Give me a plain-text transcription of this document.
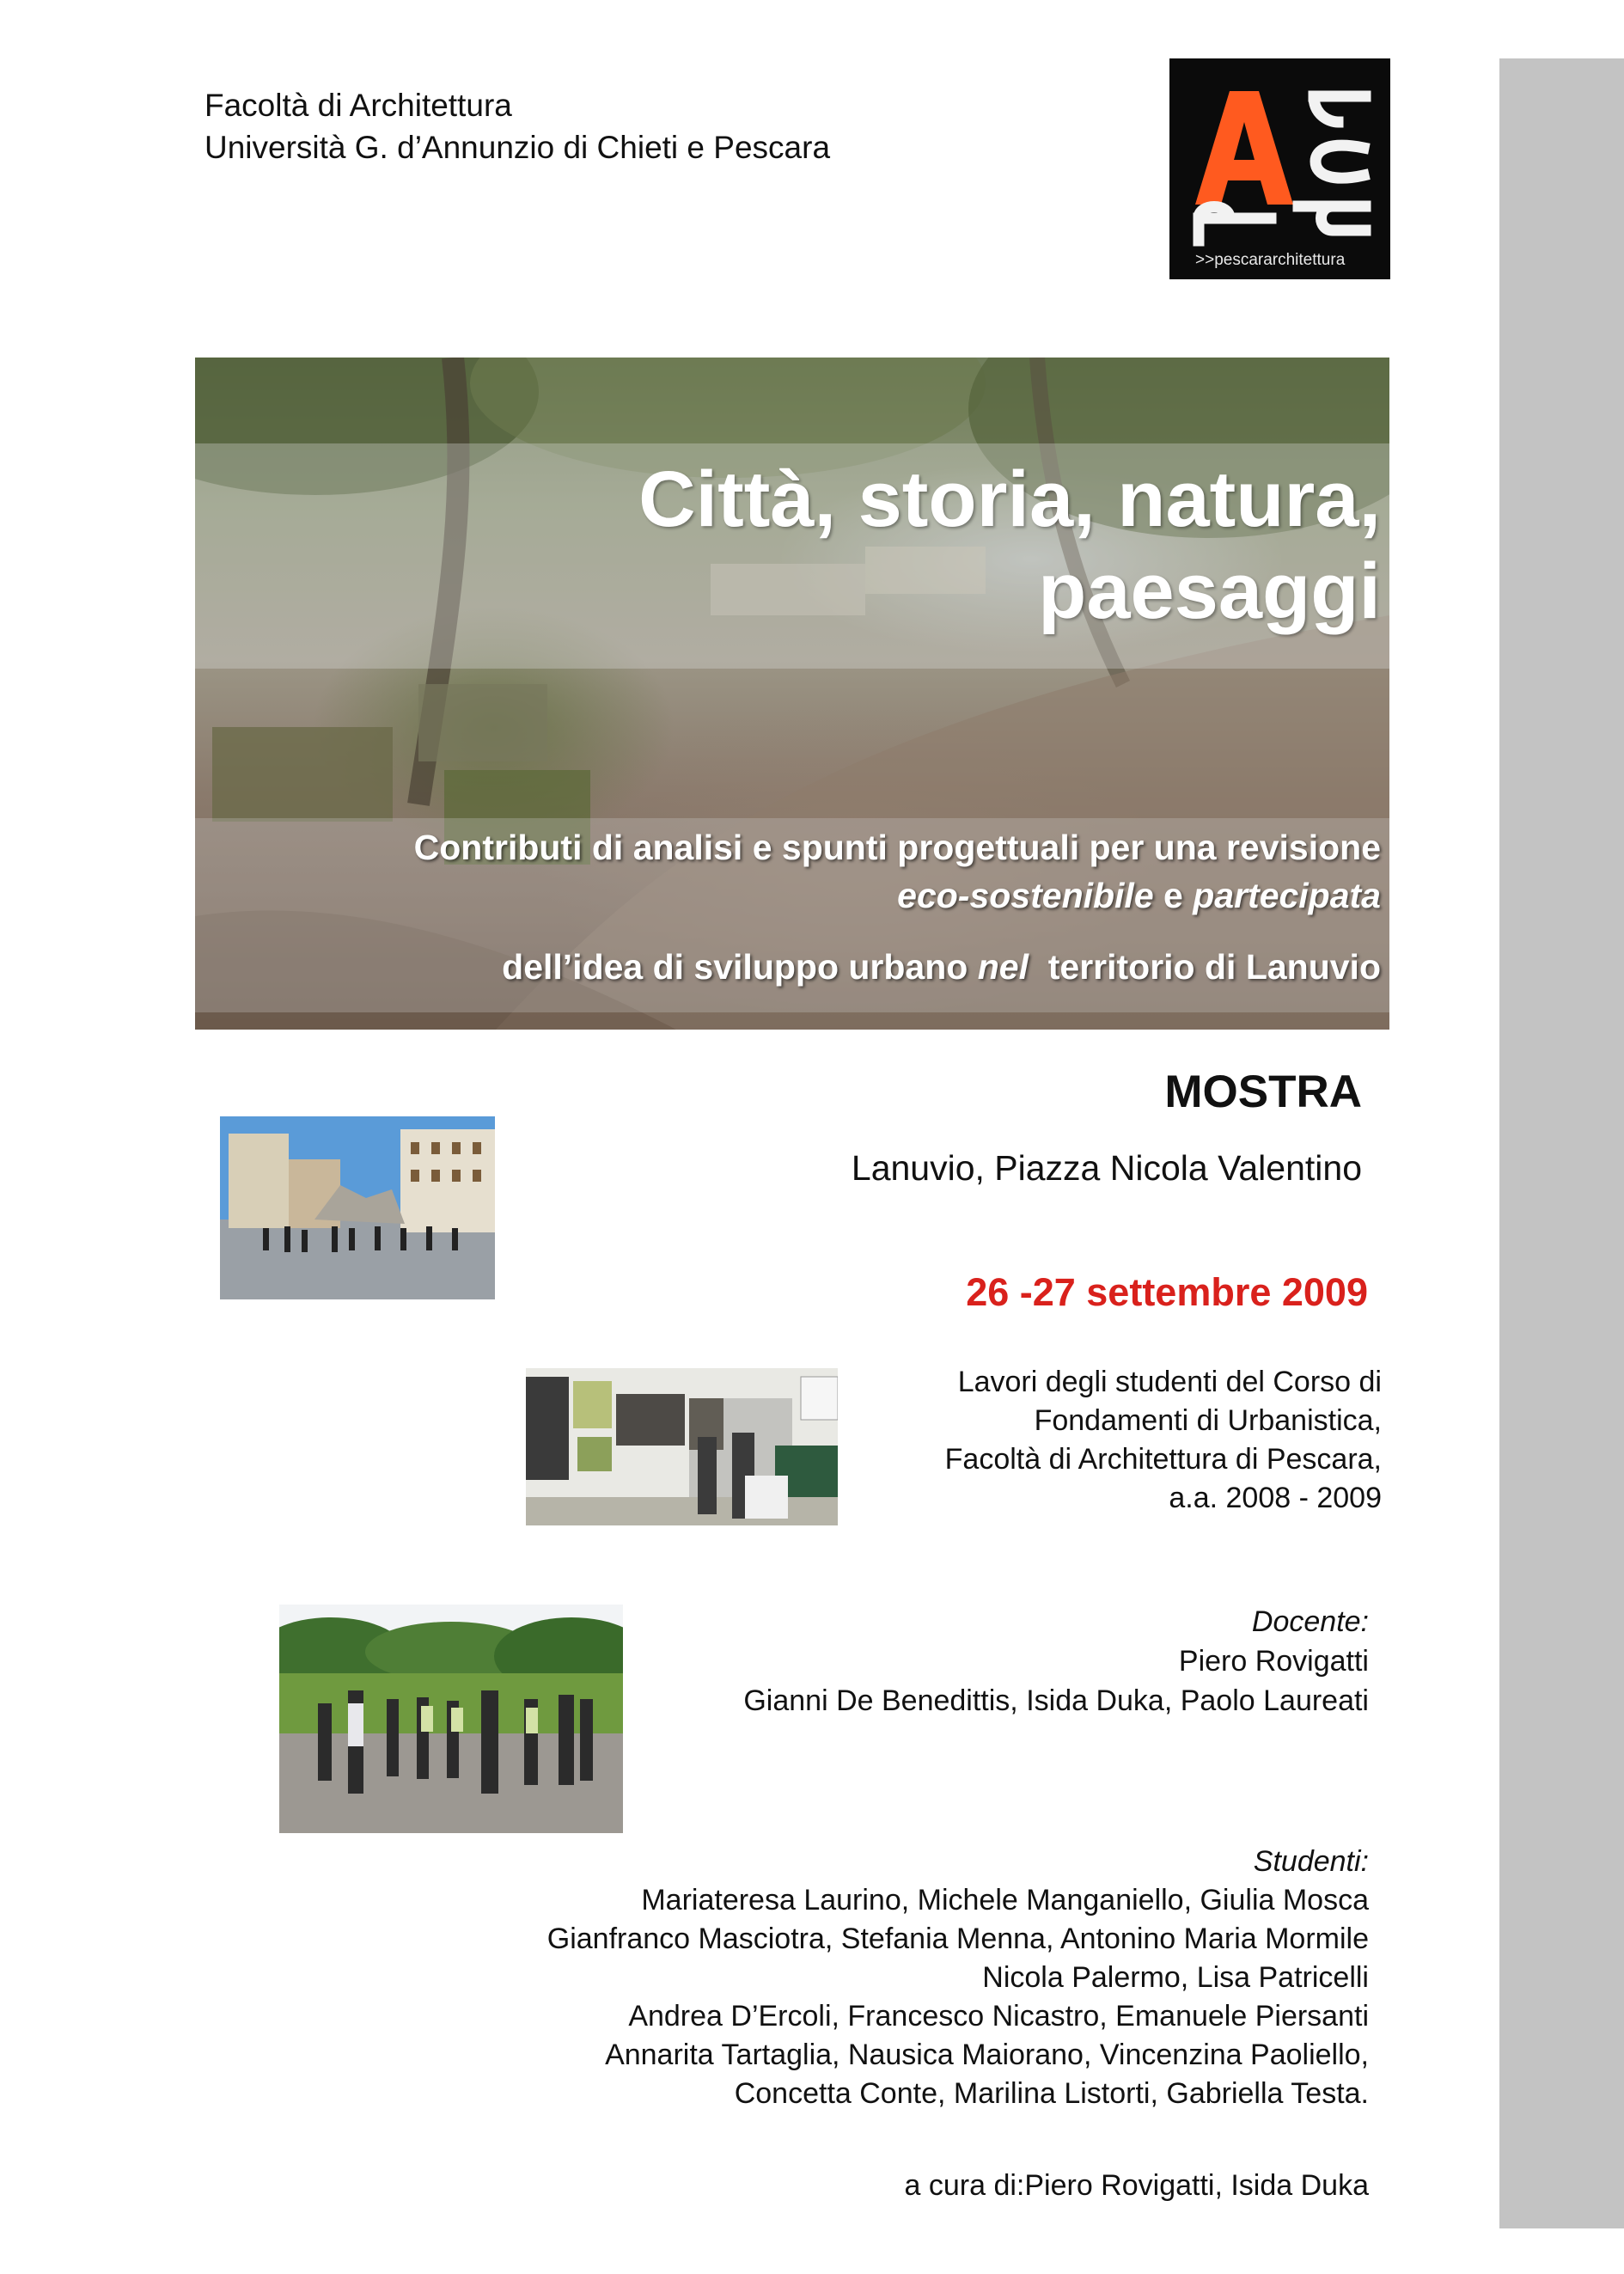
Facoltà di Architettura
Università G. d’Annunzio di Chieti e Pescara
>>pescararchitettura
Città, storia, natura,
paesaggi
Contributi di analisi e spunti progettuali per una revisione
eco-sostenibile e partecipata
dell’idea di sviluppo urbano nel  territorio di Lanuvio
MOSTRA
Lanuvio, Piazza Nicola Valentino
26 -27 settembre 2009
Lavori degli studenti del Corso di
Fondamenti di Urbanistica,
Facoltà di Architettura di Pescara,
a.a. 2008 - 2009
Docente:
Piero Rovigatti
Gianni De Benedittis, Isida Duka, Paolo Laureati
Studenti:
Mariateresa Laurino, Michele Manganiello, Giulia Mosca
Gianfranco Masciotra, Stefania Menna, Antonino Maria Mormile
Nicola Palermo, Lisa Patricelli
Andrea D’Ercoli, Francesco Nicastro, Emanuele Piersanti
Annarita Tartaglia, Nausica Maiorano, Vincenzina Paoliello,
Concetta Conte, Marilina Listorti, Gabriella Testa.
a cura di:Piero Rovigatti, Isida Duka
